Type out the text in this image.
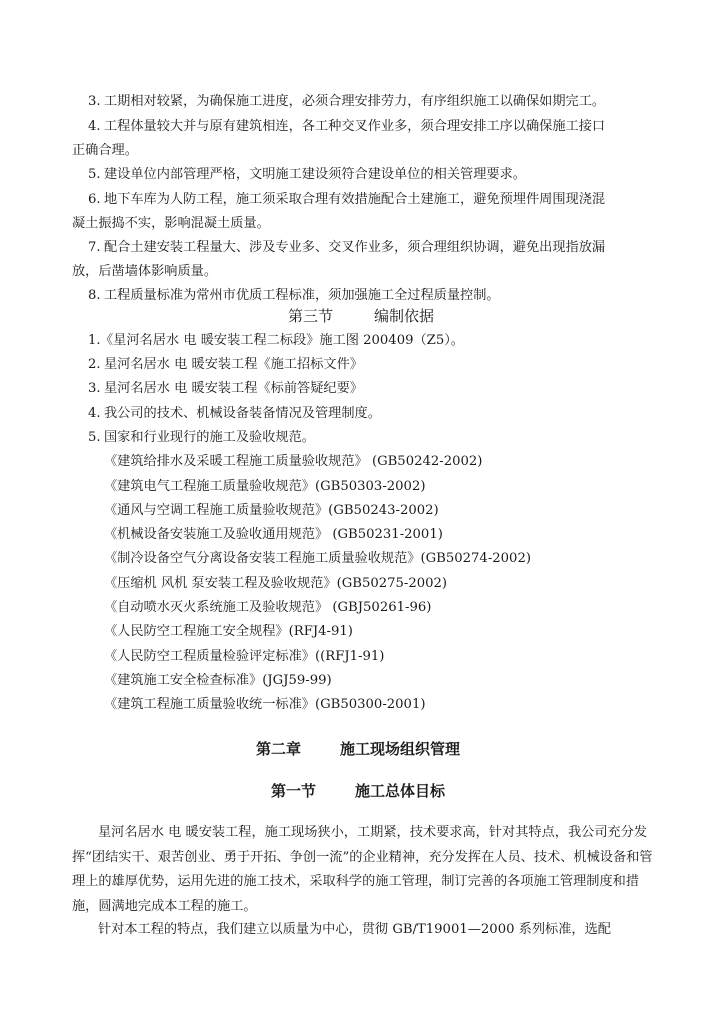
3. 工期相对较紧，为确保施工进度，必须合理安排劳力，有序组织施工以确保如期完工。
4. 工程体量较大并与原有建筑相连，各工种交叉作业多，须合理安排工序以确保施工接口
正确合理。
5. 建设单位内部管理严格，文明施工建设须符合建设单位的相关管理要求。
6. 地下车库为人防工程，施工须采取合理有效措施配合土建施工，避免预埋件周围现浇混
凝土振捣不实，影响混凝土质量。
7. 配合土建安装工程量大、涉及专业多、交叉作业多，须合理组织协调，避免出现指放漏
放，后凿墙体影响质量。
8. 工程质量标准为常州市优质工程标准，须加强施工全过程质量控制。
第三节	编制依据
1. 《星河名居水 电 暖安装工程二标段》施工图 200409（Z5）。
2. 星河名居水 电 暖安装工程《施工招标文件》
3. 星河名居水 电 暖安装工程《标前答疑纪要》
4. 我公司的技术、机械设备装备情况及管理制度。
5. 国家和行业现行的施工及验收规范。
《建筑给排水及采暖工程施工质量验收规范》 (GB50242-2002)
《建筑电气工程施工质量验收规范》(GB50303-2002)
《通风与空调工程施工质量验收规范》(GB50243-2002)
《机械设备安装施工及验收通用规范》 (GB50231-2001)
《制冷设备空气分离设备安装工程施工质量验收规范》(GB50274-2002)
《压缩机 风机 泵安装工程及验收规范》(GB50275-2002)
《自动喷水灭火系统施工及验收规范》 (GBJ50261-96)
《人民防空工程施工安全规程》(RFJ4-91)
《人民防空工程质量检验评定标准》((RFJ1-91)
《建筑施工安全检查标准》(JGJ59-99)
《建筑工程施工质量验收统一标准》(GB50300-2001)
第二章	施工现场组织管理
第一节	施工总体目标
星河名居水 电 暖安装工程，施工现场狭小，工期紧，技术要求高，针对其特点，我公司充分发挥“团结实干、艰苦创业、勇于开拓、争创一流”的企业精神，充分发挥在人员、技术、机械设备和管理上的雄厚优势，运用先进的施工技术，采取科学的施工管理，制订完善的各项施工管理制度和措施，圆满地完成本工程的施工。
针对本工程的特点，我们建立以质量为中心，贯彻 GB/T19001—2000 系列标准，选配
